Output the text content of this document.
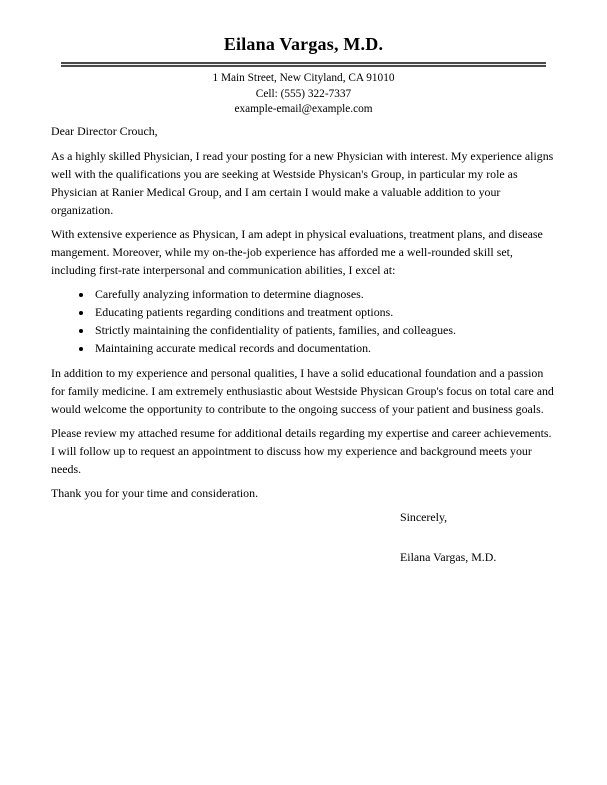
Eilana Vargas, M.D.
1 Main Street, New Cityland, CA 91010
Cell: (555) 322-7337
example-email@example.com
Dear Director Crouch,
As a highly skilled Physician, I read your posting for a new Physician with interest. My experience aligns well with the qualifications you are seeking at Westside Physican's Group, in particular my role as Physician at Ranier Medical Group, and I am certain I would make a valuable addition to your organization.
With extensive experience as Physican, I am adept in physical evaluations, treatment plans, and disease mangement. Moreover, while my on-the-job experience has afforded me a well-rounded skill set, including first-rate interpersonal and communication abilities, I excel at:
• Carefully analyzing information to determine diagnoses.
• Educating patients regarding conditions and treatment options.
• Strictly maintaining the confidentiality of patients, families, and colleagues.
• Maintaining accurate medical records and documentation.
In addition to my experience and personal qualities, I have a solid educational foundation and a passion for family medicine. I am extremely enthusiastic about Westside Physican Group's focus on total care and would welcome the opportunity to contribute to the ongoing success of your patient and business goals.
Please review my attached resume for additional details regarding my expertise and career achievements. I will follow up to request an appointment to discuss how my experience and background meets your needs.
Thank you for your time and consideration.
Sincerely,
Eilana Vargas, M.D.
